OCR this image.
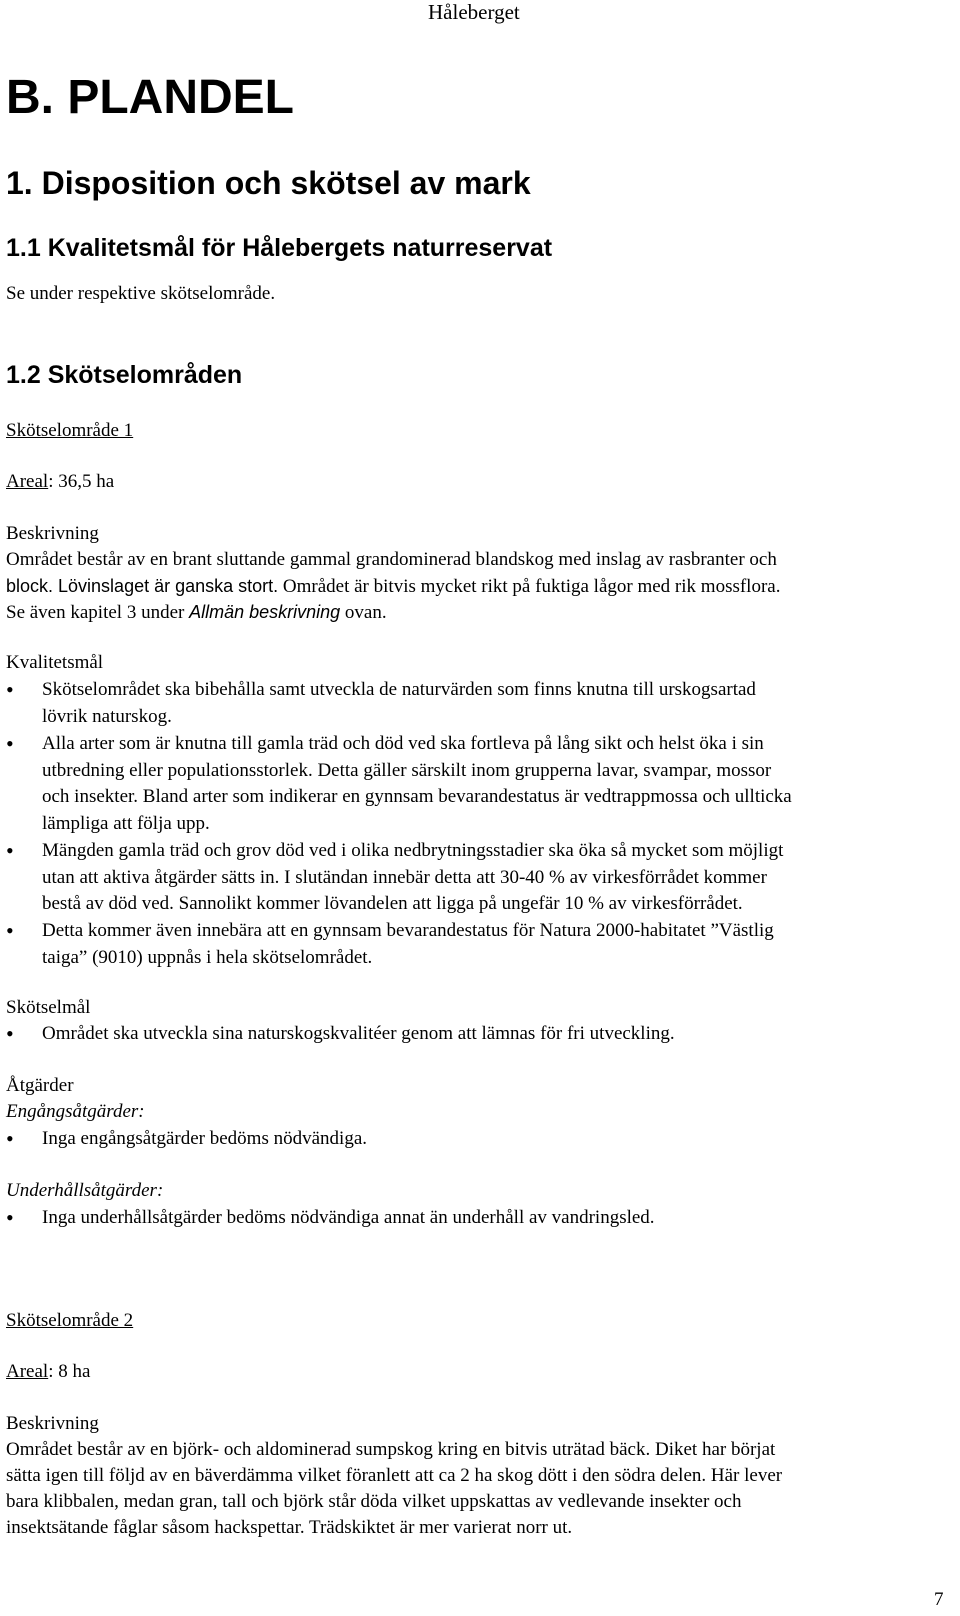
Håleberget
B. PLANDEL
1. Disposition och skötsel av mark
1.1 Kvalitetsmål för Hålebergets naturreservat
Se under respektive skötselområde.
1.2 Skötselområden
Skötselområde 1
Areal: 36,5 ha
Beskrivning
Området består av en brant sluttande gammal grandominerad blandskog med inslag av rasbranter och
block. Lövinslaget är ganska stort. Området är bitvis mycket rikt på fuktiga lågor med rik mossflora.
Se även kapitel 3 under Allmän beskrivning ovan.
Kvalitetsmål
•
Skötselområdet ska bibehålla samt utveckla de naturvärden som finns knutna till urskogsartad
lövrik naturskog.
•
Alla arter som är knutna till gamla träd och död ved ska fortleva på lång sikt och helst öka i sin
utbredning eller populationsstorlek. Detta gäller särskilt inom grupperna lavar, svampar, mossor
och insekter. Bland arter som indikerar en gynnsam bevarandestatus är vedtrappmossa och ullticka
lämpliga att följa upp.
•
Mängden gamla träd och grov död ved i olika nedbrytningsstadier ska öka så mycket som möjligt
utan att aktiva åtgärder sätts in. I slutändan innebär detta att 30-40 % av virkesförrådet kommer
bestå av död ved. Sannolikt kommer lövandelen att ligga på ungefär 10 % av virkesförrådet.
•
Detta kommer även innebära att en gynnsam bevarandestatus för Natura 2000-habitatet ”Västlig
taiga” (9010) uppnås i hela skötselområdet.
Skötselmål
•
Området ska utveckla sina naturskogskvalitéer genom att lämnas för fri utveckling.
Åtgärder
Engångsåtgärder:
•
Inga engångsåtgärder bedöms nödvändiga.
Underhållsåtgärder:
•
Inga underhållsåtgärder bedöms nödvändiga annat än underhåll av vandringsled.
Skötselområde 2
Areal: 8 ha
Beskrivning
Området består av en björk- och aldominerad sumpskog kring en bitvis uträtad bäck. Diket har börjat
sätta igen till följd av en bäverdämma vilket föranlett att ca 2 ha skog dött i den södra delen. Här lever
bara klibbalen, medan gran, tall och björk står döda vilket uppskattas av vedlevande insekter och
insektsätande fåglar såsom hackspettar. Trädskiktet är mer varierat norr ut.
7
